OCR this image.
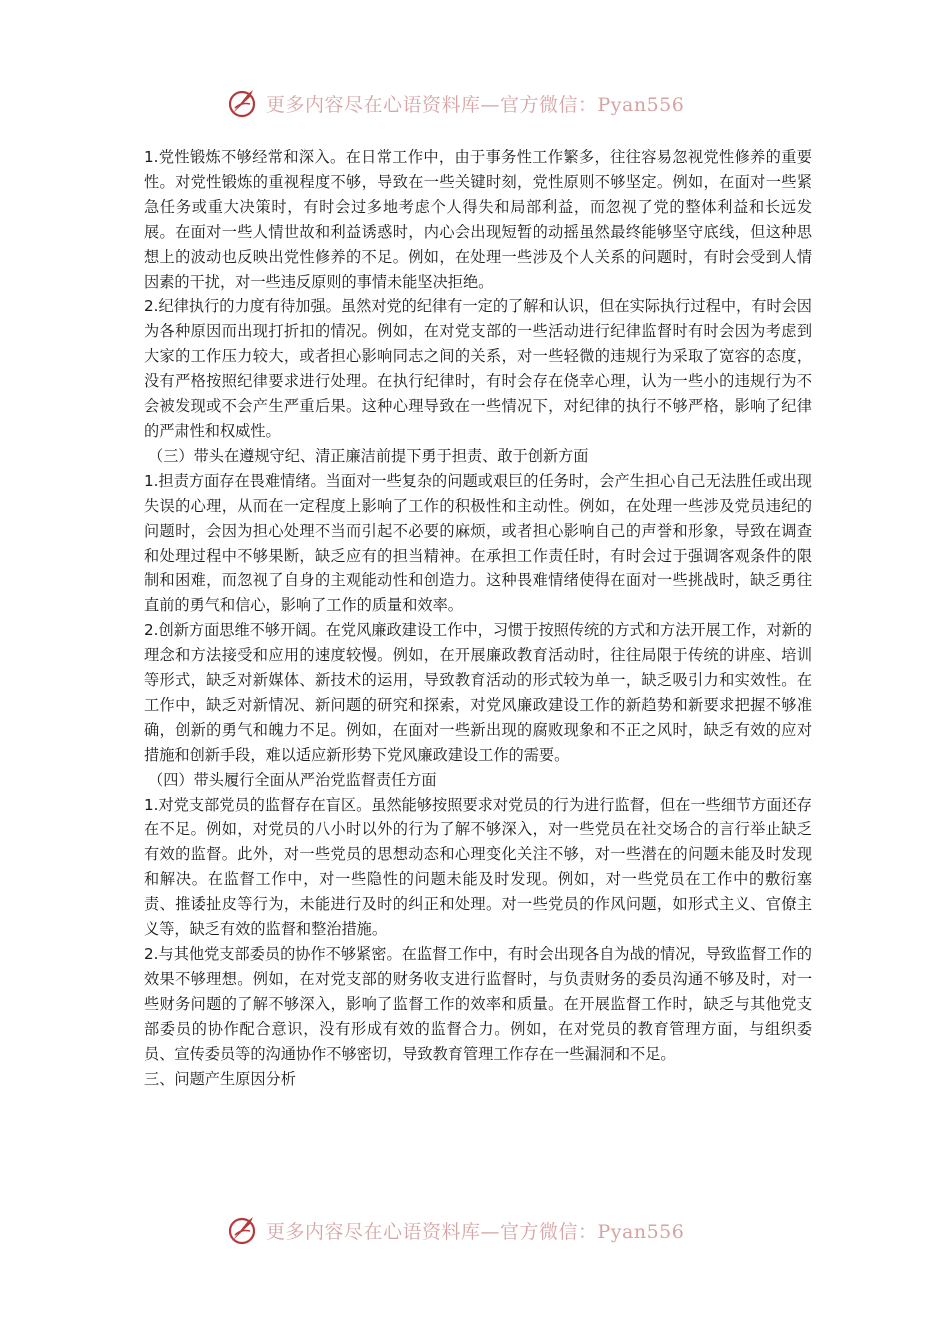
更多内容尽在心语资料库—官方微信：Pyan556

1.党性锻炼不够经常和深入。在日常工作中，由于事务性工作繁多，往往容易忽视党性修养的重要性。对党性锻炼的重视程度不够，导致在一些关键时刻，党性原则不够坚定。例如，在面对一些紧急任务或重大决策时，有时会过多地考虑个人得失和局部利益，而忽视了党的整体利益和长远发展。在面对一些人情世故和利益诱惑时，内心会出现短暂的动摇虽然最终能够坚守底线，但这种思想上的波动也反映出党性修养的不足。例如，在处理一些涉及个人关系的问题时，有时会受到人情因素的干扰，对一些违反原则的事情未能坚决拒绝。

2.纪律执行的力度有待加强。虽然对党的纪律有一定的了解和认识，但在实际执行过程中，有时会因为各种原因而出现打折扣的情况。例如，在对党支部的一些活动进行纪律监督时有时会因为考虑到大家的工作压力较大，或者担心影响同志之间的关系，对一些轻微的违规行为采取了宽容的态度，没有严格按照纪律要求进行处理。在执行纪律时，有时会存在侥幸心理，认为一些小的违规行为不会被发现或不会产生严重后果。这种心理导致在一些情况下，对纪律的执行不够严格，影响了纪律的严肃性和权威性。

（三）带头在遵规守纪、清正廉洁前提下勇于担责、敢于创新方面

1.担责方面存在畏难情绪。当面对一些复杂的问题或艰巨的任务时，会产生担心自己无法胜任或出现失误的心理，从而在一定程度上影响了工作的积极性和主动性。例如，在处理一些涉及党员违纪的问题时，会因为担心处理不当而引起不必要的麻烦，或者担心影响自己的声誉和形象，导致在调查和处理过程中不够果断，缺乏应有的担当精神。在承担工作责任时，有时会过于强调客观条件的限制和困难，而忽视了自身的主观能动性和创造力。这种畏难情绪使得在面对一些挑战时，缺乏勇往直前的勇气和信心，影响了工作的质量和效率。

2.创新方面思维不够开阔。在党风廉政建设工作中，习惯于按照传统的方式和方法开展工作，对新的理念和方法接受和应用的速度较慢。例如，在开展廉政教育活动时，往往局限于传统的讲座、培训等形式，缺乏对新媒体、新技术的运用，导致教育活动的形式较为单一，缺乏吸引力和实效性。在工作中，缺乏对新情况、新问题的研究和探索，对党风廉政建设工作的新趋势和新要求把握不够准确，创新的勇气和魄力不足。例如，在面对一些新出现的腐败现象和不正之风时，缺乏有效的应对措施和创新手段，难以适应新形势下党风廉政建设工作的需要。

（四）带头履行全面从严治党监督责任方面

1.对党支部党员的监督存在盲区。虽然能够按照要求对党员的行为进行监督，但在一些细节方面还存在不足。例如，对党员的八小时以外的行为了解不够深入，对一些党员在社交场合的言行举止缺乏有效的监督。此外，对一些党员的思想动态和心理变化关注不够，对一些潜在的问题未能及时发现和解决。在监督工作中，对一些隐性的问题未能及时发现。例如，对一些党员在工作中的敷衍塞责、推诿扯皮等行为，未能进行及时的纠正和处理。对一些党员的作风问题，如形式主义、官僚主义等，缺乏有效的监督和整治措施。

2.与其他党支部委员的协作不够紧密。在监督工作中，有时会出现各自为战的情况，导致监督工作的效果不够理想。例如，在对党支部的财务收支进行监督时，与负责财务的委员沟通不够及时，对一些财务问题的了解不够深入，影响了监督工作的效率和质量。在开展监督工作时，缺乏与其他党支部委员的协作配合意识，没有形成有效的监督合力。例如，在对党员的教育管理方面，与组织委员、宣传委员等的沟通协作不够密切，导致教育管理工作存在一些漏洞和不足。

三、问题产生原因分析

更多内容尽在心语资料库—官方微信：Pyan556
